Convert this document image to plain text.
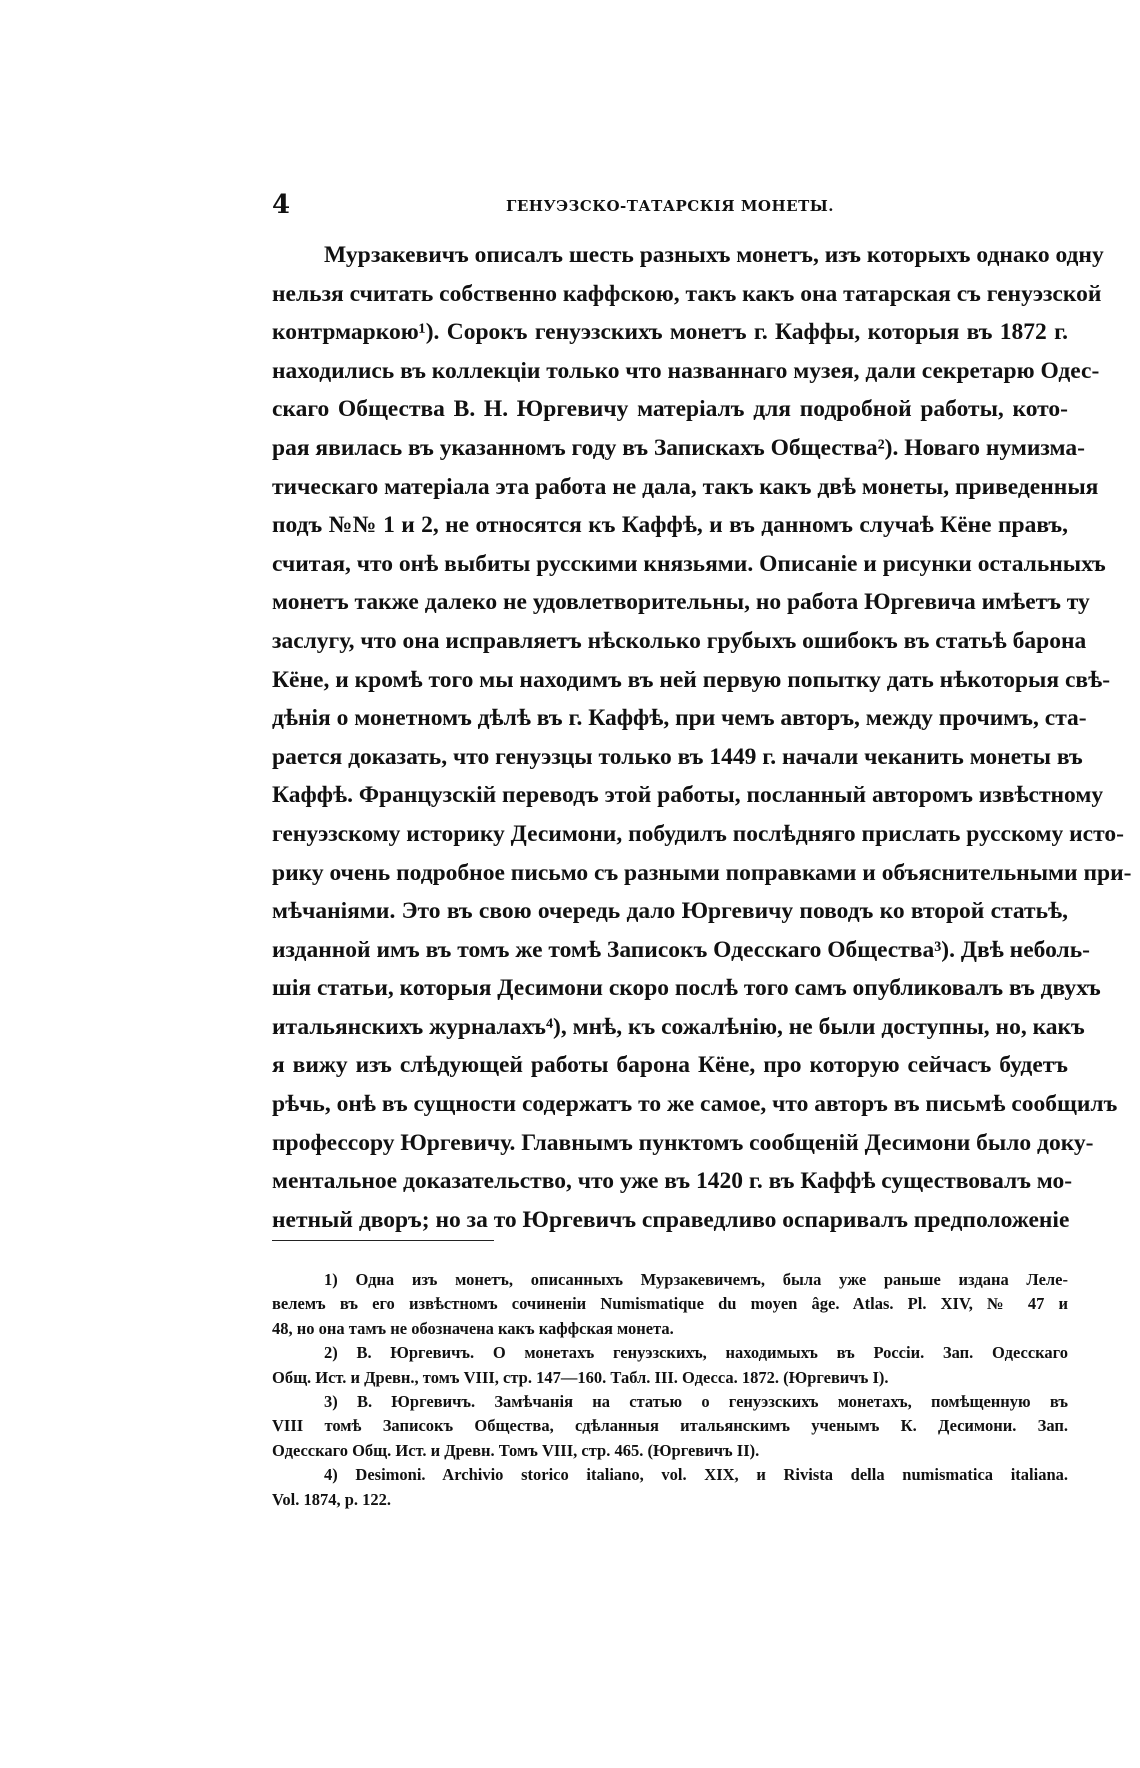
4	ГЕНУЭЗСКО-ТАТАРСКІЯ МОНЕТЫ.
Мурзакевичъ описалъ шесть разныхъ монетъ, изъ которыхъ однако одну
нельзя считать собственно каффскою, такъ какъ она татарская съ генуэзской
контрмаркою¹). Сорокъ генуэзскихъ монетъ г. Каффы, которыя въ 1872 г.
находились въ коллекціи только что названнаго музея, дали секретарю Одес-
скаго Общества В. Н. Юргевичу матеріалъ для подробной работы, кото-
рая явилась въ указанномъ году въ Запискахъ Общества²). Новаго нумизма-
тическаго матеріала эта работа не дала, такъ какъ двѣ монеты, приведенныя
подъ №№ 1 и 2, не относятся къ Каффѣ, и въ данномъ случаѣ Кёне правъ,
считая, что онѣ выбиты русскими князьями. Описаніе и рисунки остальныхъ
монетъ также далеко не удовлетворительны, но работа Юргевича имѣетъ ту
заслугу, что она исправляетъ нѣсколько грубыхъ ошибокъ въ статьѣ барона
Кёне, и кромѣ того мы находимъ въ ней первую попытку дать нѣкоторыя свѣ-
дѣнія о монетномъ дѣлѣ въ г. Каффѣ, при чемъ авторъ, между прочимъ, ста-
рается доказать, что генуэзцы только въ 1449 г. начали чеканить монеты въ
Каффѣ. Французскій переводъ этой работы, посланный авторомъ извѣстному
генуэзскому историку Десимони, побудилъ послѣдняго прислать русскому исто-
рику очень подробное письмо съ разными поправками и объяснительными при-
мѣчаніями. Это въ свою очередь дало Юргевичу поводъ ко второй статьѣ,
изданной имъ въ томъ же томѣ Записокъ Одесскаго Общества³). Двѣ неболь-
шія статьи, которыя Десимони скоро послѣ того самъ опубликовалъ въ двухъ
итальянскихъ журналахъ⁴), мнѣ, къ сожалѣнію, не были доступны, но, какъ
я вижу изъ слѣдующей работы барона Кёне, про которую сейчасъ будетъ
рѣчь, онѣ въ сущности содержатъ то же самое, что авторъ въ письмѣ сообщилъ
профессору Юргевичу. Главнымъ пунктомъ сообщеній Десимони было доку-
ментальное доказательство, что уже въ 1420 г. въ Каффѣ существовалъ мо-
нетный дворъ; но за то Юргевичъ справедливо оспаривалъ предположеніе
1) Одна изъ монетъ, описанныхъ Мурзакевичемъ, была уже раньше издана Леле-
велемъ въ его извѣстномъ сочиненіи Numismatique du moyen âge. Atlas. Pl. XIV, № 47 и
48, но она тамъ не обозначена какъ каффская монета.
2) В. Юргевичъ. О монетахъ генуэзскихъ, находимыхъ въ Россіи. Зап. Одесскаго
Общ. Ист. и Древн., томъ VIII, стр. 147—160. Табл. III. Одесса. 1872. (Юргевичъ I).
3) В. Юргевичъ. Замѣчанія на статью о генуэзскихъ монетахъ, помѣщенную въ
VIII томѣ Записокъ Общества, сдѣланныя итальянскимъ ученымъ К. Десимони. Зап.
Одесскаго Общ. Ист. и Древн. Томъ VIII, стр. 465. (Юргевичъ II).
4) Desimoni. Archivio storico italiano, vol. XIX, и Rivista della numismatica italiana.
Vol. 1874, p. 122.
